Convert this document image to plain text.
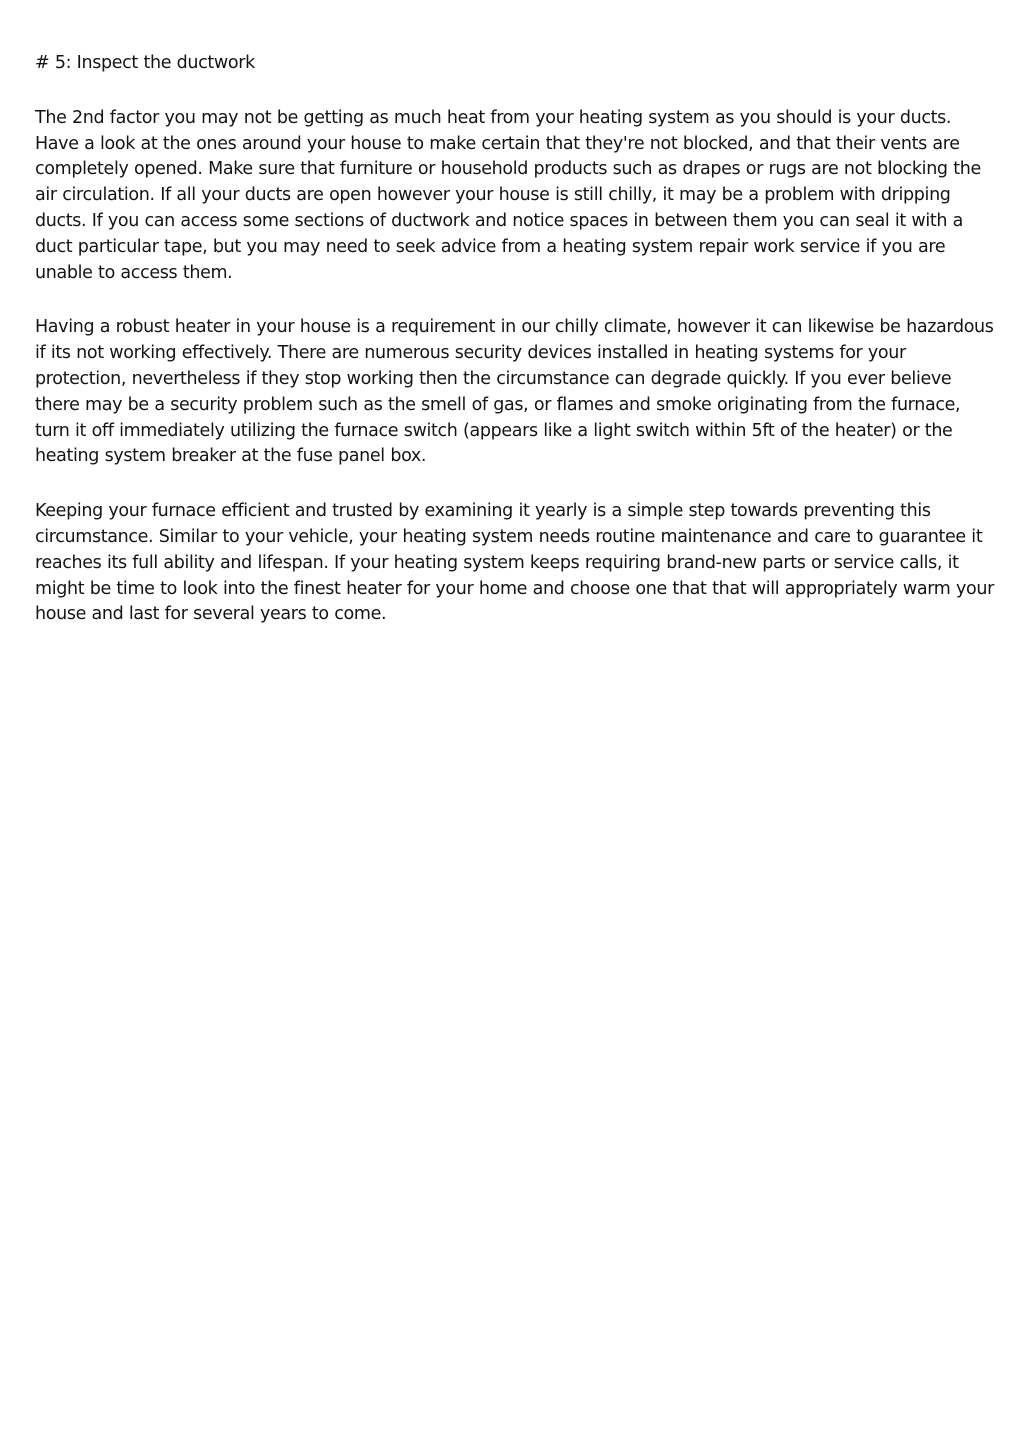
# 5: Inspect the ductwork

The 2nd factor you may not be getting as much heat from your heating system as you should is your ducts. Have a look at the ones around your house to make certain that they're not blocked, and that their vents are completely opened. Make sure that furniture or household products such as drapes or rugs are not blocking the air circulation. If all your ducts are open however your house is still chilly, it may be a problem with dripping ducts. If you can access some sections of ductwork and notice spaces in between them you can seal it with a duct particular tape, but you may need to seek advice from a heating system repair work service if you are unable to access them.

Having a robust heater in your house is a requirement in our chilly climate, however it can likewise be hazardous if its not working effectively. There are numerous security devices installed in heating systems for your protection, nevertheless if they stop working then the circumstance can degrade quickly. If you ever believe there may be a security problem such as the smell of gas, or flames and smoke originating from the furnace, turn it off immediately utilizing the furnace switch (appears like a light switch within 5ft of the heater) or the heating system breaker at the fuse panel box.

Keeping your furnace efficient and trusted by examining it yearly is a simple step towards preventing this circumstance. Similar to your vehicle, your heating system needs routine maintenance and care to guarantee it reaches its full ability and lifespan. If your heating system keeps requiring brand-new parts or service calls, it might be time to look into the finest heater for your home and choose one that that will appropriately warm your house and last for several years to come.
